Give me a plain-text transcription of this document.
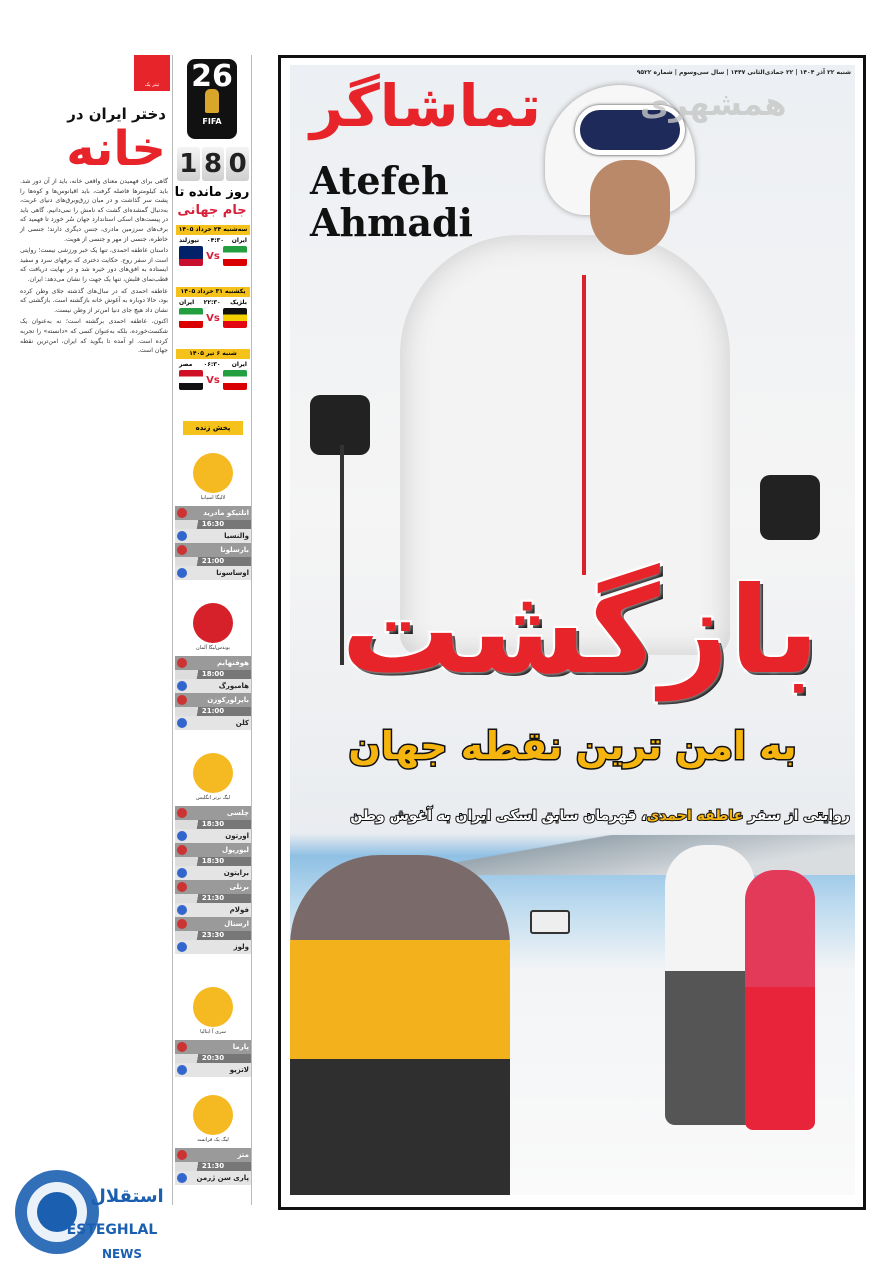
تیتر یک
دختر ایران در
خانه

گاهی برای فهمیدن معنای واقعی خانه، باید از آن دور شد. باید کیلومترها فاصله گرفت، باید اقیانوس‌ها و کوه‌ها را پشت سر گذاشت و در میان زرق‌وبرق‌های دنیای غربت، به‌دنبال گمشده‌ای گشت که نامش را نمی‌دانیم. گاهی باید در پیست‌های اسکی استاندارد جهان سُر خورد تا فهمید که برف‌های سرزمین مادری، جنس دیگری دارند؛ جنسی از خاطره، جنسی از مهر و جنسی از هویت.

داستان عاطفه احمدی، تنها یک خبر ورزشی نیست؛ روایتی است از سفر روح. حکایت دختری که برفهای سرد و سفید ایستاده به افق‌های دور خیره شد و در نهایت دریافت که قطب‌نمای قلبش، تنها یک جهت را نشان می‌دهد: ایران.

عاطفه احمدی که در سال‌های گذشته جلای وطن کرده بود، حالا دوباره به آغوش خانه بازگشته است. بازگشتی که نشان داد هیچ جای دنیا امن‌تر از وطن نیست.

اکنون، عاطفه احمدی برگشته است؛ نه به‌عنوان یک شکست‌خورده، بلکه به‌عنوان کسی که «دانسته» را تجربه کرده است. او آمده تا بگوید که ایران، امن‌ترین نقطه جهان است.

26
FIFA
1 8 0
روز مانده تا
جام جهانی
سه‌شنبه ۲۴ خرداد ۱۴۰۵
ایران
۰۴:۳۰
نیوزلند
Vs
یکشنبه ۳۱ خرداد ۱۴۰۵
بلژیک
۲۲:۳۰
ایران
Vs
شنبه ۶ تیر ۱۴۰۵
ایران
۰۶:۳۰
مصر
Vs
پخش زنده
لالیگا اسپانیا
اتلتیکو مادرید
16:30
والنسیا
بارسلونا
21:00
اوساسونا
بوندس‌لیگا آلمان
هوفنهایم
18:00
هامبورگ
بایرلورکوزن
21:00
کلن
لیگ برتر انگلیس
چلسی
18:30
اورتون
لیورپول
18:30
برایتون
برنلی
21:30
فولام
ارسنال
23:30
ولوز
سری آ ایتالیا
پارما
20:30
لاتزیو
لیگ یک فرانسه
متز
21:30
پاری سن ژرمن
همشهری
تماشاگر	شنبه ۲۲ آذر ۱۴۰۴ | ۲۲ جمادی‌الثانی ۱۴۴۷ | سال سی‌وسوم | شماره ۹۵۲۲
Atefeh
Ahmadi
بازگشت
به امن ترین نقطه جهان
روایتی از سفر عاطفه احمدی، قهرمان سابق اسکی ایران به آغوش وطن
استقلال
ESTEGHLAL
NEWS
